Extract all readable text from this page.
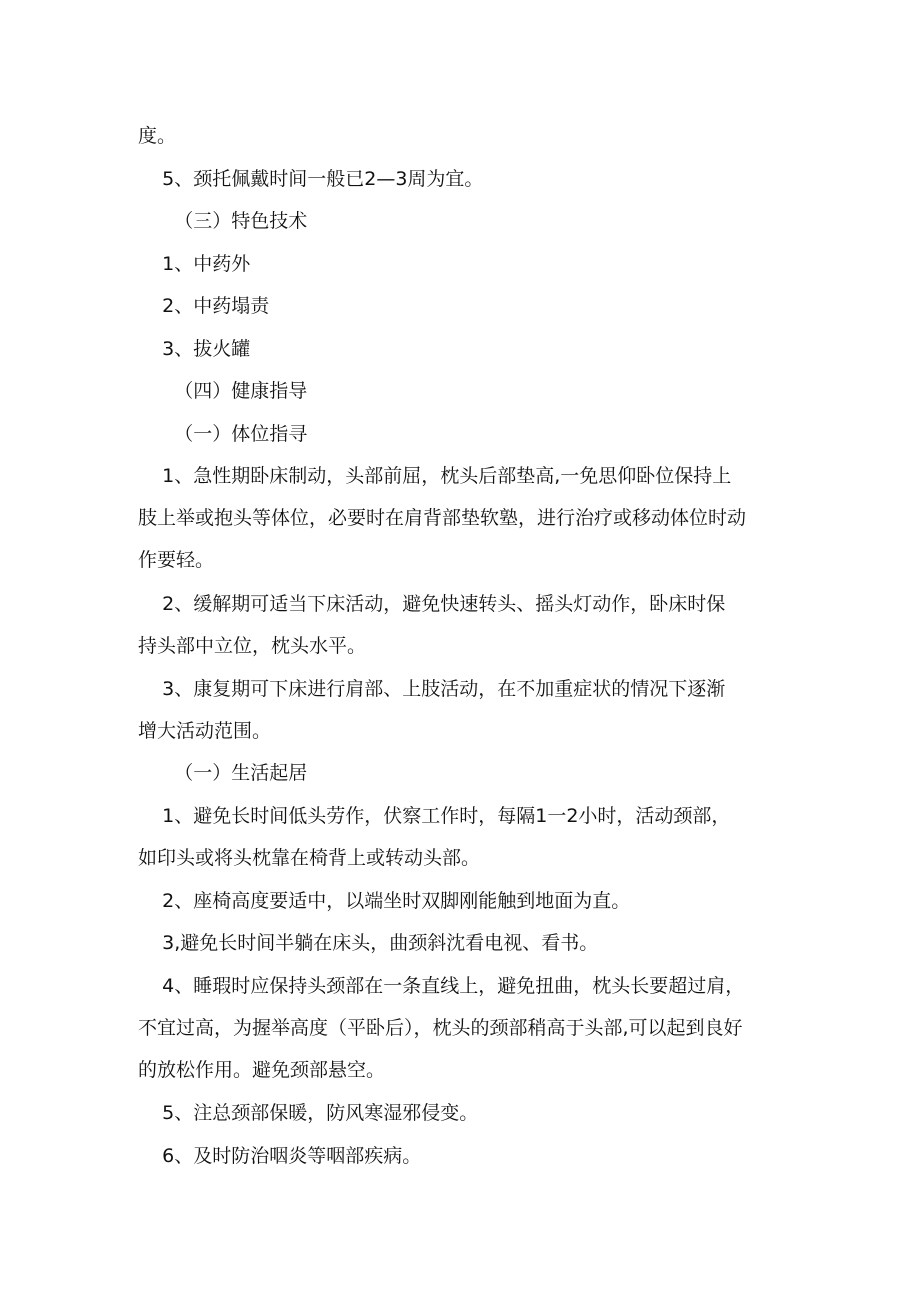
度。

5、颈托佩戴时间一般已2—3周为宜。

（三）特色技术

1、中药外

2、中药塌责

3、拔火罐

（四）健康指导

（一）体位指寻

1、急性期卧床制动，头部前屈，枕头后部垫高,一免思仰卧位保持上
肢上举或抱头等体位，必要时在肩背部垫软塾，进行治疗或移动体位时动
作要轻。

2、缓解期可适当下床活动，避免快速转头、摇头灯动作，卧床时保
持头部中立位，枕头水平。

3、康复期可下床进行肩部、上肢活动，在不加重症状的情况下逐渐
增大活动范围。

（一）生活起居

1、避免长时间低头劳作，伏察工作时，每隔1一2小时，活动颈部，
如印头或将头枕靠在椅背上或转动头部。

2、座椅高度要适中，以端坐时双脚刚能触到地面为直。

3,避免长时间半躺在床头，曲颈斜沈看电视、看书。

4、睡瑕时应保持头颈部在一条直线上，避免扭曲，枕头长要超过肩，
不宜过高，为握举高度（平卧后），枕头的颈部稍高于头部,可以起到良好
的放松作用。避免颈部悬空。

5、注总颈部保暖，防风寒湿邪侵变。

6、及时防治咽炎等咽部疾病。
